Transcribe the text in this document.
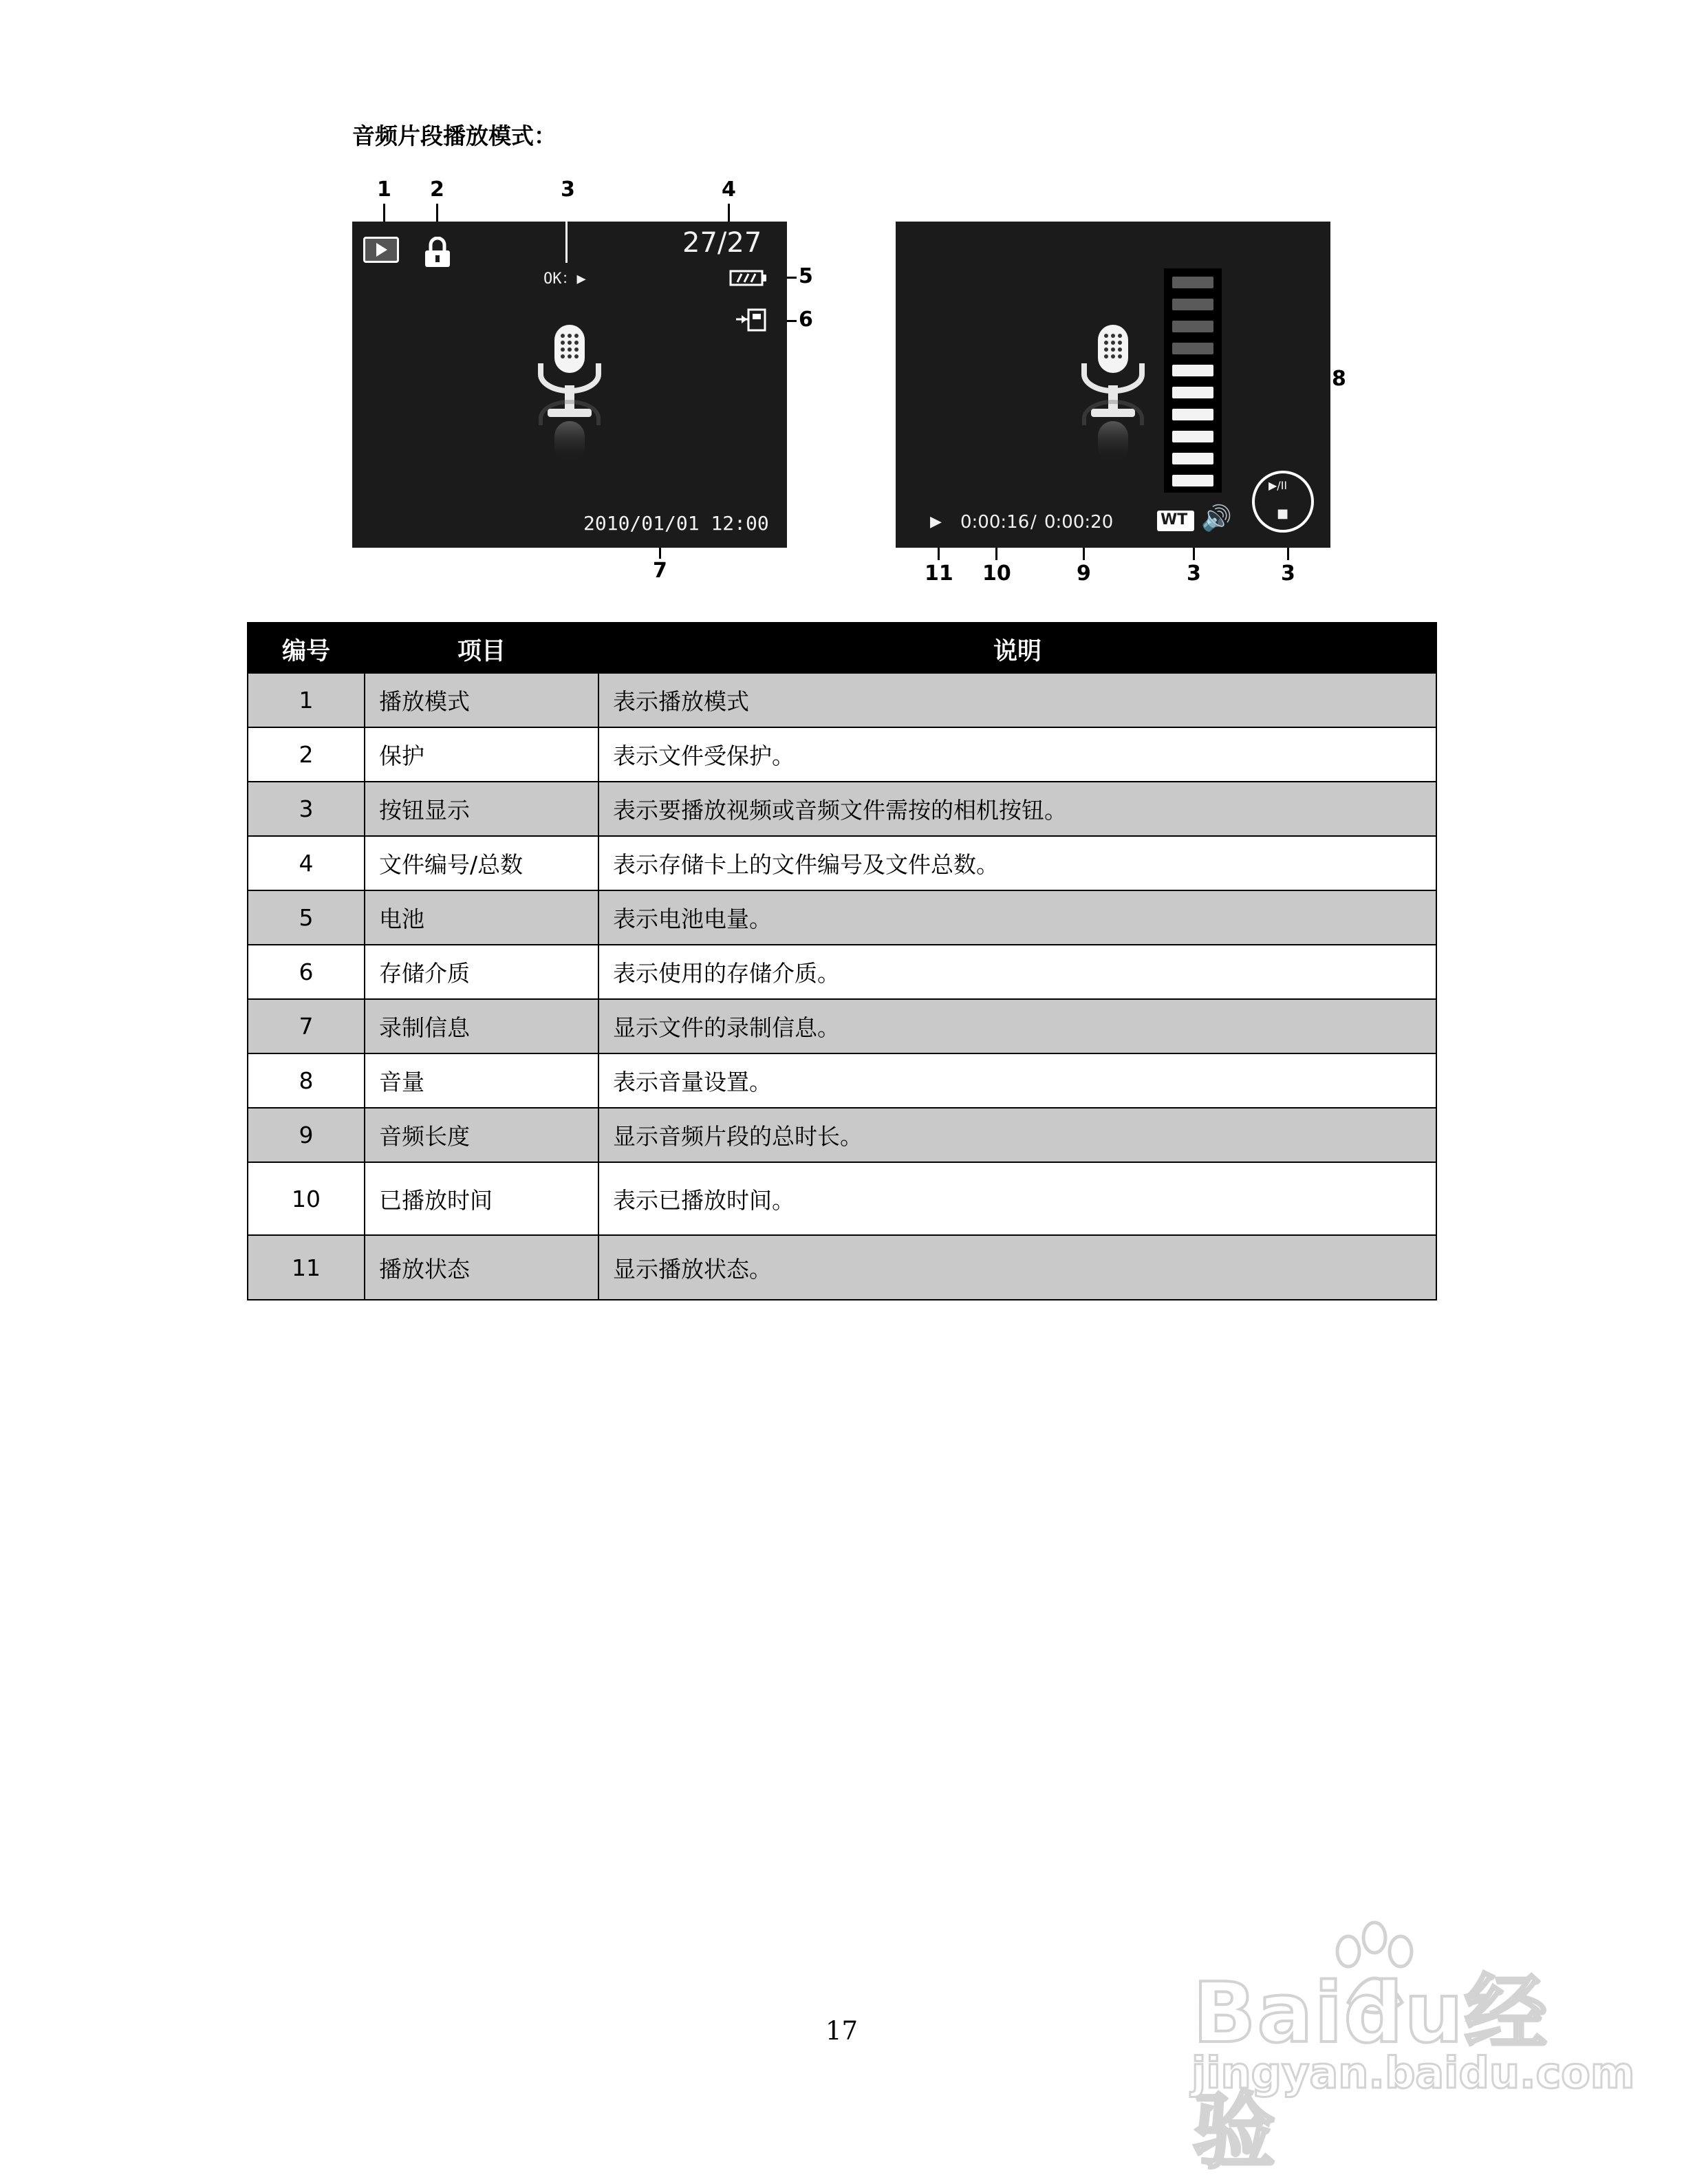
音频片段播放模式：
1 2	3	4
5
6
7
27/27
OK：▶
2010/01/01 12:00
8
11 10	9	3	3
▶/II
■
▶ 0:00:16 / 0:00:20	WT 🔊
编号	项目	说明
1	播放模式	表示播放模式
2	保护	表示文件受保护。
3	按钮显示	表示要播放视频或音频文件需按的相机按钮。
4	文件编号/总数	表示存储卡上的文件编号及文件总数。
5	电池	表示电池电量。
6	存储介质	表示使用的存储介质。
7	录制信息	显示文件的录制信息。
8	音量	表示音量设置。
9	音频长度	显示音频片段的总时长。
10	已播放时间	表示已播放时间。
11	播放状态	显示播放状态。
17	Baidu经验
jingyan.baidu.com
